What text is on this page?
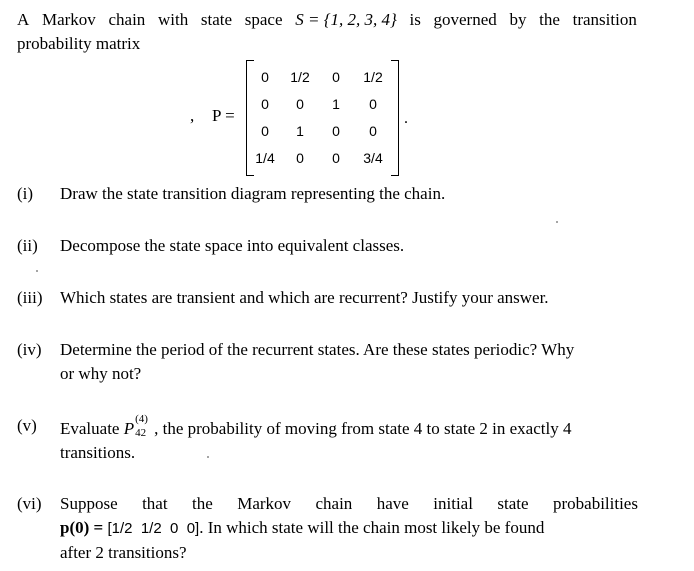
A Markov chain with state space S = {1, 2, 3, 4} is governed by the transition
probability matrix
, P =
0	1/2	0	1/2
0	0	1	0
0	1	0	0
1/4	0	0	3/4
.
(i) Draw the state transition diagram representing the chain.
(ii) Decompose the state space into equivalent classes.
(iii) Which states are transient and which are recurrent? Justify your answer.
(iv) Determine the period of the recurrent states. Are these states periodic? Why
or why not?
(v) Evaluate P (4)
42 , the probability of moving from state 4 to state 2 in exactly 4
transitions.
(vi) Suppose that the Markov chain have initial state probabilities
p(0) = [1/2  1/2  0  0]. In which state will the chain most likely be found
after 2 transitions?
